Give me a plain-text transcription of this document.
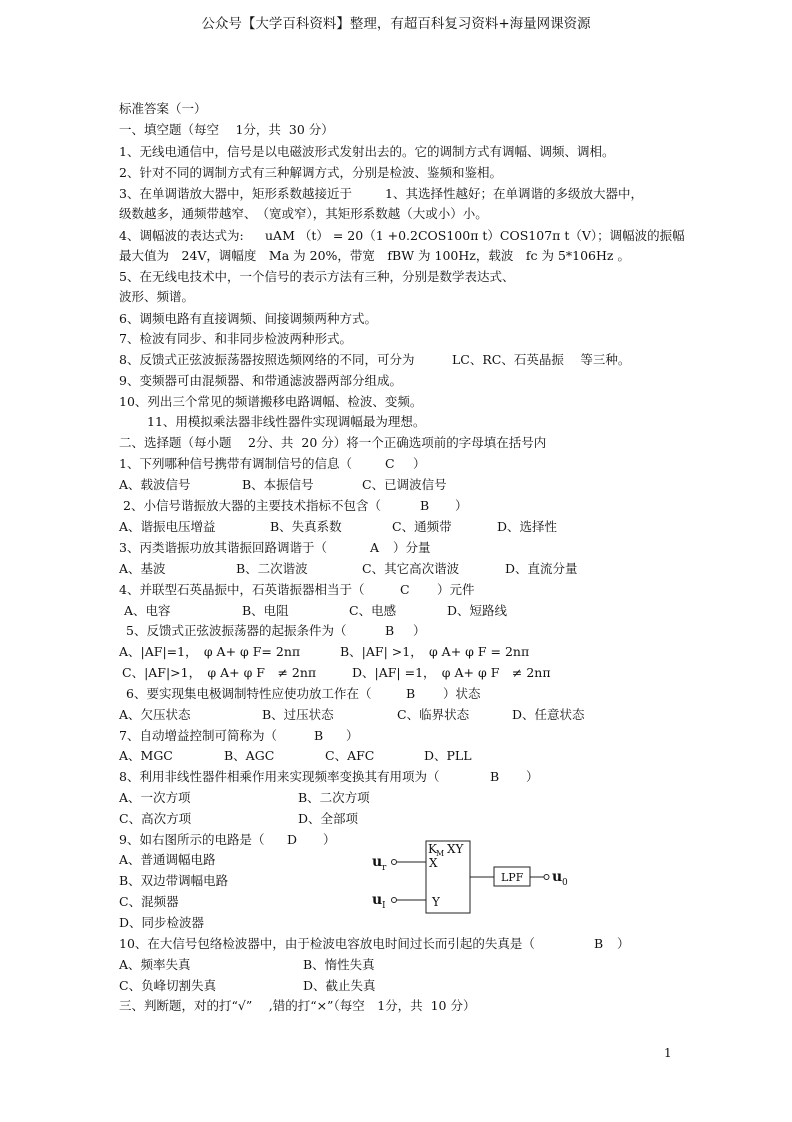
公众号【大学百科资料】整理，有超百科复习资料+海量网课资源
标准答案（一）
一、填空题（每空　 1分，共  30 分）
1、无线电通信中，信号是以电磁波形式发射出去的。它的调制方式有调幅、调频、调相。
2、针对不同的调制方式有三种解调方式，分别是检波、鉴频和鉴相。
3、在单调谐放大器中，矩形系数越接近于	1、其选择性越好；在单调谐的多级放大器中，
级数越多，通频带越窄、　（宽或窄），其矩形系数越（大或小）小。
4、调幅波的表达式为: uAM （t） = 20（1 +0.2COS100π t）COS107π t（V）；调幅波的振幅
最大值为　24V，调幅度　Ma 为 20%，带宽　fBW 为 100Hz，载波　fc 为 5*106Hz 。
5、在无线电技术中，一个信号的表示方法有三种，分别是数学表达式、
波形、频谱。
6、调频电路有直接调频、间接调频两种方式。
7、检波有同步、和非同步检波两种形式。
8、反馈式正弦波振荡器按照选频网络的不同，可分为	LC、RC、石英晶振　 等三种。
9、变频器可由混频器、和带通滤波器两部分组成。
10、列出三个常见的频谱搬移电路调幅、检波、变频。
11、用模拟乘法器非线性器件实现调幅最为理想。
二、选择题（每小题　 2分、共  20 分）将一个正确选项前的字母填在括号内
1、下列哪种信号携带有调制信号的信息（	C ）
A、载波信号	B、本振信号	C、已调波信号
2、小信号谐振放大器的主要技术指标不包含（	B ）
A、谐振电压增益	B、失真系数	C、通频带	D、选择性
3、丙类谐振功放其谐振回路调谐于（	A ）分量
A、基波	B、二次谐波	C、其它高次谐波	D、直流分量
4、并联型石英晶振中，石英谐振器相当于（	C ）元件
A、电容	B、电阻	C、电感	D、短路线
5、反馈式正弦波振荡器的起振条件为（	B ）
A、|AF|=1，　φ A+ φ F= 2nπ	B、|AF| >1，　φ A+ φ F = 2nπ
C、|AF|>1，　φ A+ φ F　≠ 2nπ	D、|AF| =1，　φ A+ φ F　≠ 2nπ
6、要实现集电极调制特性应使功放工作在（	B ）状态
A、欠压状态	B、过压状态	C、临界状态	D、任意状态
7、自动增益控制可简称为（	B ）
A、MGC	B、AGC	C、AFC	D、PLL
8、利用非线性器件相乘作用来实现频率变换其有用项为（	B ）
A、一次方项	B、二次方项
C、高次方项	D、全部项
9、如右图所示的电路是（ D ）
A、普通调幅电路
B、双边带调幅电路
C、混频器
D、同步检波器
K M XY
X
Y
u r
u I
LPF u 0
10、在大信号包络检波器中，由于检波电容放电时间过长而引起的失真是（	B ）
A、频率失真	B、惰性失真
C、负峰切割失真	D、截止失真
三、判断题，对的打“√”　 ,错的打“×”（每空　1分，共  10 分）
1
